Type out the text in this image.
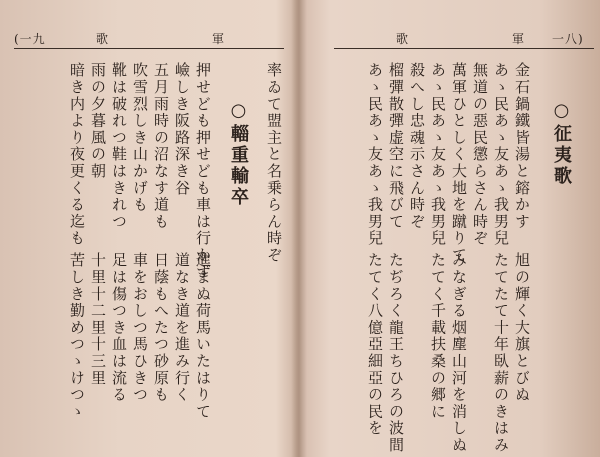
(一九	歌	軍
率ゐて盟主と名乗らん時ぞ
○輜重輸卒
押せども押せども車は行かず
嶮しき阪路深き谷
五月雨時の沼なす道も
吹雪烈しき山かげも
靴は破れつ鞋はきれつ
雨の夕暮風の朝
暗き内より夜更くる迄も
歌	軍 一八)
○征夷歌
金石鍋鐵皆湯と鎔かす
あゝ民あゝ友あゝ我男兒
無道の惡民懲らさん時ぞ
萬軍ひとしく大地を蹴りて
あゝ民あゝ友あゝ我男兒
殺へし忠魂示さん時ぞ
榴彈散彈虚空に飛びて
あゝ民あゝ友あゝ我男兒
進まぬ荷馬いたはりて
道なき道を進み行く
日蔭もへたつ砂原も
車をおしつ馬ひきつ
足は傷つき血は流る
十里十二里十三里
苦しき勤めつゝけつゝ	旭の輝く大旗とびぬ
たてたて十年臥薪のきはみ
みなぎる烟塵山河を消しぬ
たてく千載扶桑の郷に
たぢろく龍王ちひろの波間
たてく八億亞細亞の民を
